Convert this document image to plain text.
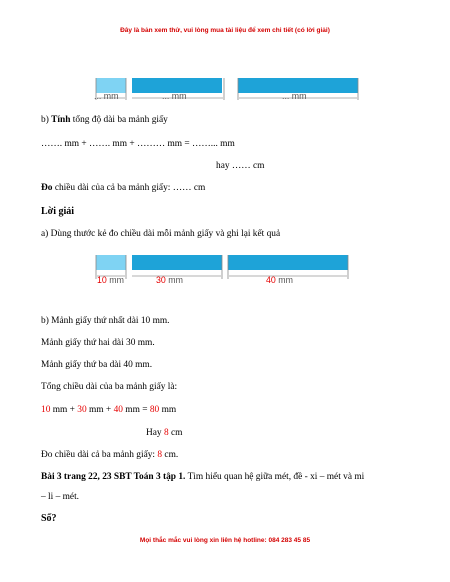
Đây là bản xem thử, vui lòng mua tài liệu để xem chi tiết (có lời giải)
... mm	... mm	... mm
b) Tính tổng độ dài ba mảnh giấy
……. mm + ……. mm + ……… mm = ……... mm
hay …… cm
Đo chiều dài của cả ba mảnh giấy: …… cm
Lời giải
a) Dùng thước kẻ đo chiều dài mỗi mảnh giấy và ghi lại kết quả
10 mm	30 mm	40 mm
b) Mảnh giấy thứ nhất dài 10 mm.
Mảnh giấy thứ hai dài 30 mm.
Mảnh giấy thứ ba dài 40 mm.
Tổng chiều dài của ba mảnh giấy là:
10 mm + 30 mm + 40 mm = 80 mm
Hay 8 cm
Đo chiều dài cả ba mảnh giấy: 8 cm.
Bài 3 trang 22, 23 SBT Toán 3 tập 1. Tìm hiểu quan hệ giữa mét, đề - xi – mét và mi
– li – mét.
Số?
Mọi thắc mắc vui lòng xin liên hệ hotline: 084 283 45 85
